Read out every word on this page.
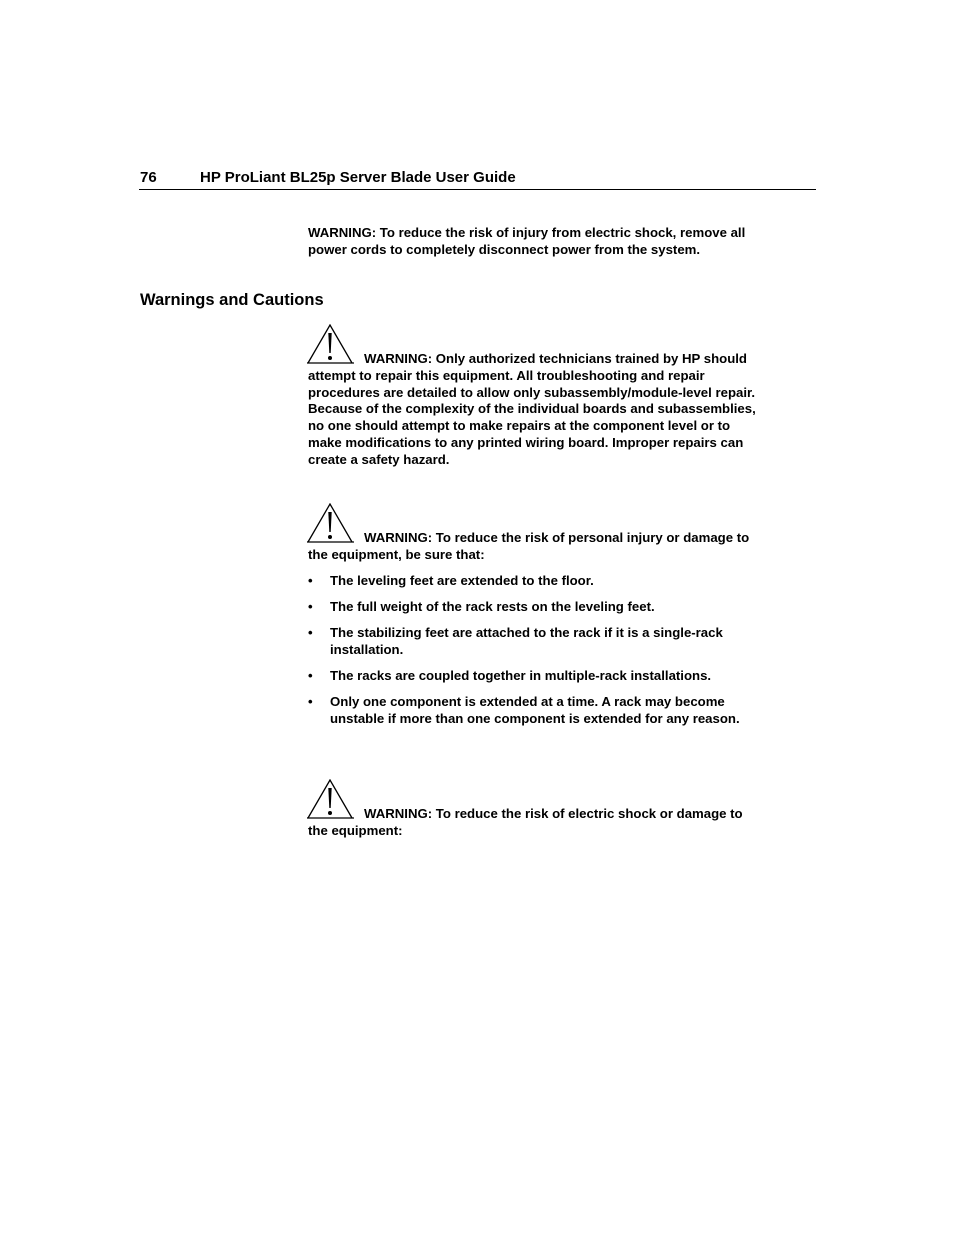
76	HP ProLiant BL25p Server Blade User Guide
WARNING: To reduce the risk of injury from electric shock, remove all power cords to completely disconnect power from the system.
Warnings and Cautions
WARNING: Only authorized technicians trained by HP should attempt to repair this equipment. All troubleshooting and repair procedures are detailed to allow only subassembly/module-level repair. Because of the complexity of the individual boards and subassemblies, no one should attempt to make repairs at the component level or to make modifications to any printed wiring board. Improper repairs can create a safety hazard.
WARNING: To reduce the risk of personal injury or damage to the equipment, be sure that:
• The leveling feet are extended to the floor.
• The full weight of the rack rests on the leveling feet.
• The stabilizing feet are attached to the rack if it is a single-rack installation.
• The racks are coupled together in multiple-rack installations.
• Only one component is extended at a time. A rack may become unstable if more than one component is extended for any reason.
WARNING: To reduce the risk of electric shock or damage to the equipment:
